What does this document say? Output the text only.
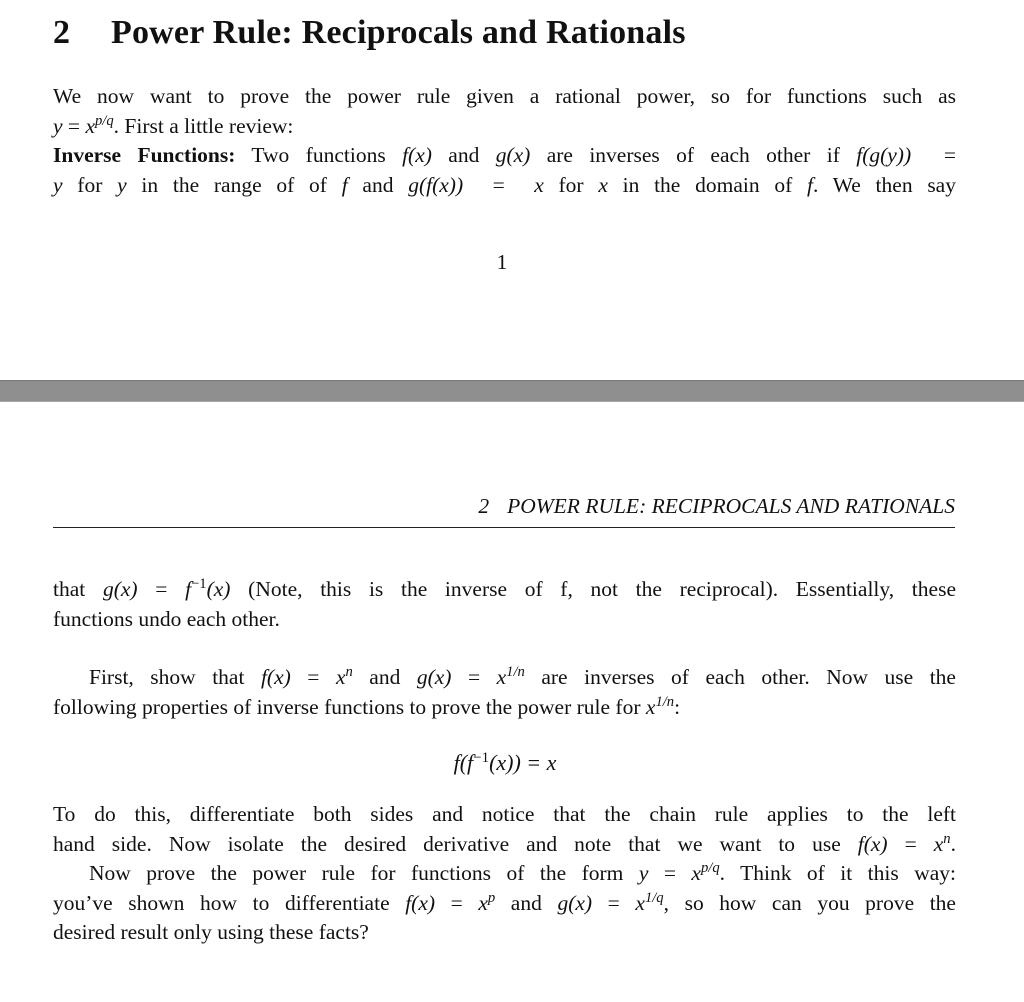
2 Power Rule: Reciprocals and Rationals

We now want to prove the power rule given a rational power, so for functions such as

$y = x^{p/q}$. First a little review:

Inverse Functions: Two functions f(x) and g(x) are inverses of each other if f(g(y))  =

y for y in the range of of f and g(f(x))  =  x for x in the domain of f. We then say

1
2 POWER RULE: RECIPROCALS AND RATIONALS

that $g(x) = f^{-1}(x)$ (Note, this is the inverse of f, not the reciprocal). Essentially, these

functions undo each other.

First, show that $f(x) = x^n$ and $g(x) = x^{1/n}$ are inverses of each other. Now use the

following properties of inverse functions to prove the power rule for $x^{1/n}$:

$f(f^{-1}(x)) = x$

To do this, differentiate both sides and notice that the chain rule applies to the left

hand side. Now isolate the desired derivative and note that we want to use $f(x) = x^n$.

Now prove the power rule for functions of the form $y = x^{p/q}$. Think of it this way:

you’ve shown how to differentiate $f(x) = x^p$ and $g(x) = x^{1/q}$, so how can you prove the

desired result only using these facts?
